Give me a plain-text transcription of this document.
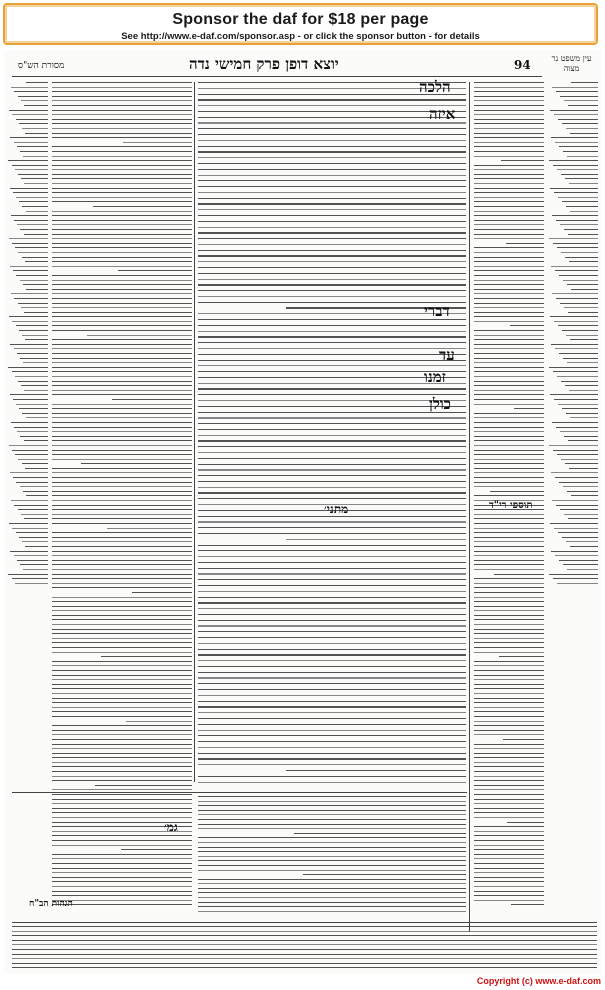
Sponsor the daf for $18 per page
See http://www.e-daf.com/sponsor.asp - or click the sponsor button - for details
מסורת הש"ס	יוצא דופן פרק חמישי נדה	94	עין משפט נר מצוה
הלכה
איזה
דברי
עד
זמנו
כולן
מתני׳
גמ׳
הגהות הב"ח
תוספי רי"ד
Copyright (c) www.e-daf.com
